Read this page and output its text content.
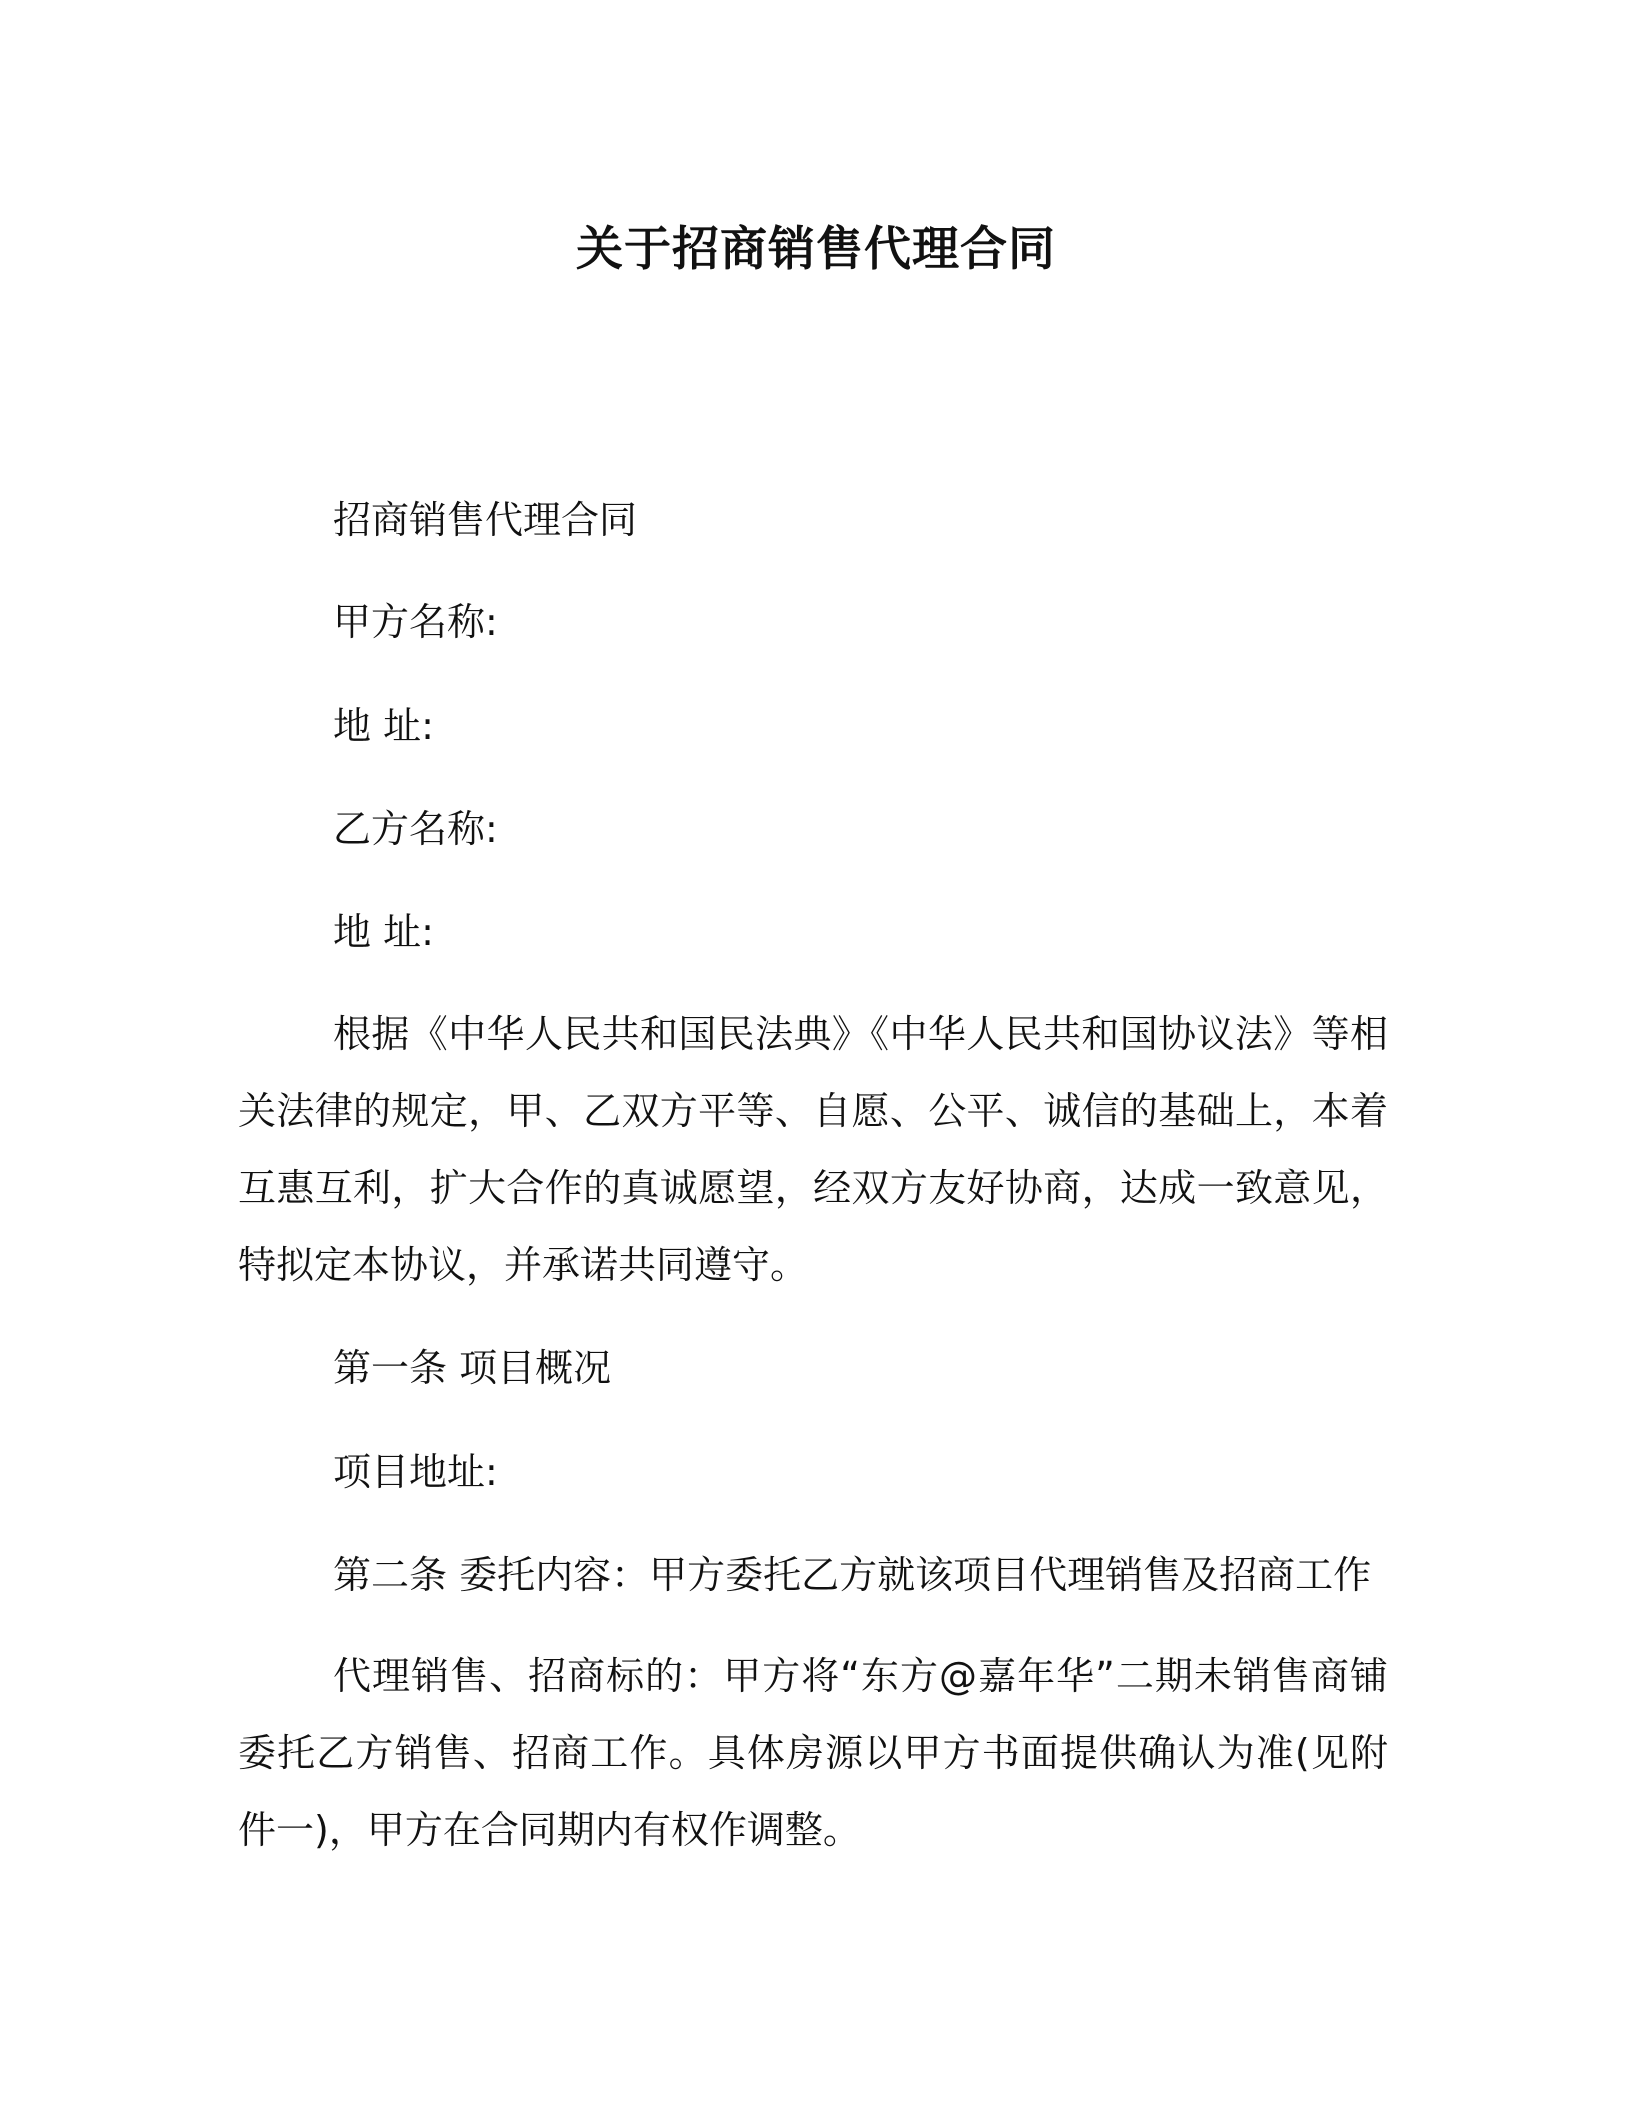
关于招商销售代理合同
招商销售代理合同
甲方名称:
地 址:
乙方名称:
地 址:
根据《中华人民共和国民法典》《中华人民共和国协议法》等相关法律的规定，甲、乙双方平等、自愿、公平、诚信的基础上，本着互惠互利，扩大合作的真诚愿望，经双方友好协商，达成一致意见，特拟定本协议，并承诺共同遵守。
第一条 项目概况
项目地址:
第二条 委托内容：甲方委托乙方就该项目代理销售及招商工作
代理销售、招商标的：甲方将“东方@嘉年华”二期未销售商铺委托乙方销售、招商工作。具体房源以甲方书面提供确认为准(见附件一)，甲方在合同期内有权作调整。
